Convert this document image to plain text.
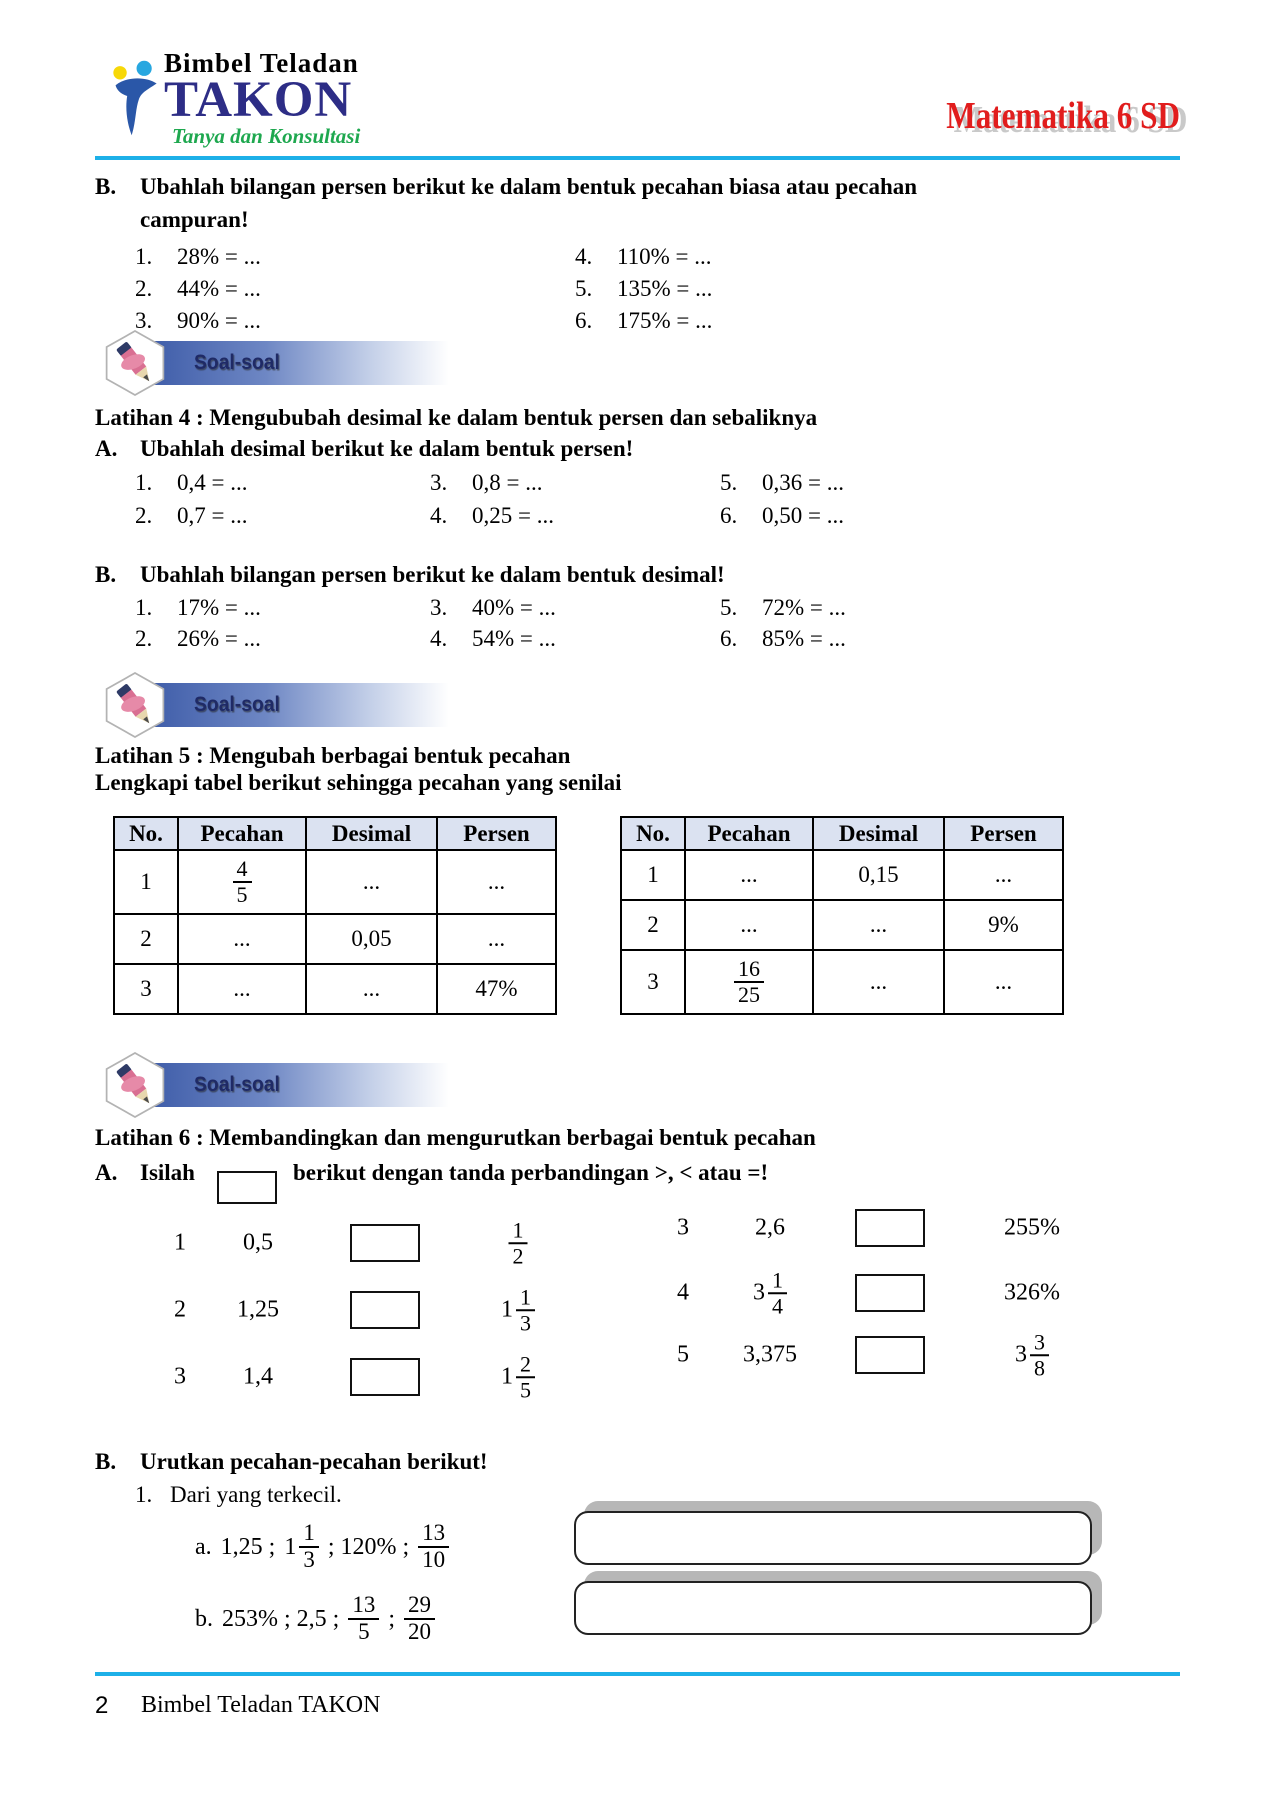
Bimbel Teladan
TAKON
Tanya dan Konsultasi	Matematika 6 SD
B.	Ubahlah bilangan persen berikut ke dalam bentuk pecahan biasa atau pecahan
campuran!
1.	28% = ...
2.	44% = ...
3.	90% = ...
4.	110% = ...
5.	135% = ...
6.	175% = ...
Soal-soal
Latihan 4 : Mengububah desimal ke dalam bentuk persen dan sebaliknya
A. Ubahlah desimal berikut ke dalam bentuk persen!
1.	0,4 = ...
2.	0,7 = ...
3.	0,8 = ...
4.	0,25 = ...
5.	0,36 = ...
6.	0,50 = ...
B.	Ubahlah bilangan persen berikut ke dalam bentuk desimal!
1.	17% = ...
2.	26% = ...
3.	40% = ...
4.	54% = ...
5.	72% = ...
6.	85% = ...
Soal-soal
Latihan 5 : Mengubah berbagai bentuk pecahan
Lengkapi tabel berikut sehingga pecahan yang senilai
No.	Pecahan	Desimal	Persen
1	$\frac{4}{5}$	...	...
2	...	0,05	...
3	...	...	47%
No.	Pecahan	Desimal	Persen
1	...	0,15	...
2	...	...	9%
3	$\frac{16}{25}$	...	...
Soal-soal
Latihan 6 : Membandingkan dan mengurutkan berbagai bentuk pecahan
A. Isilah	berikut dengan tanda perbandingan >, < atau =!
1 0,5	$\frac{1}{2}$
2 1,25	$1 \frac{1}{3}$
3 1,4	$1 \frac{2}{5}$
3	2,6	255%
4	$3 \frac{1}{4}$	326%
5 3,375	$3 \frac{3}{8}$
B.	Urutkan pecahan-pecahan berikut!
1. Dari yang terkecil.
a. 1,25 ; $1 \frac{1}{3}$ ; 120% ; $\frac{13}{10}$
b. 253% ; 2,5 ; $\frac{13}{5}$ ; $\frac{29}{20}$
2	Bimbel Teladan TAKON
